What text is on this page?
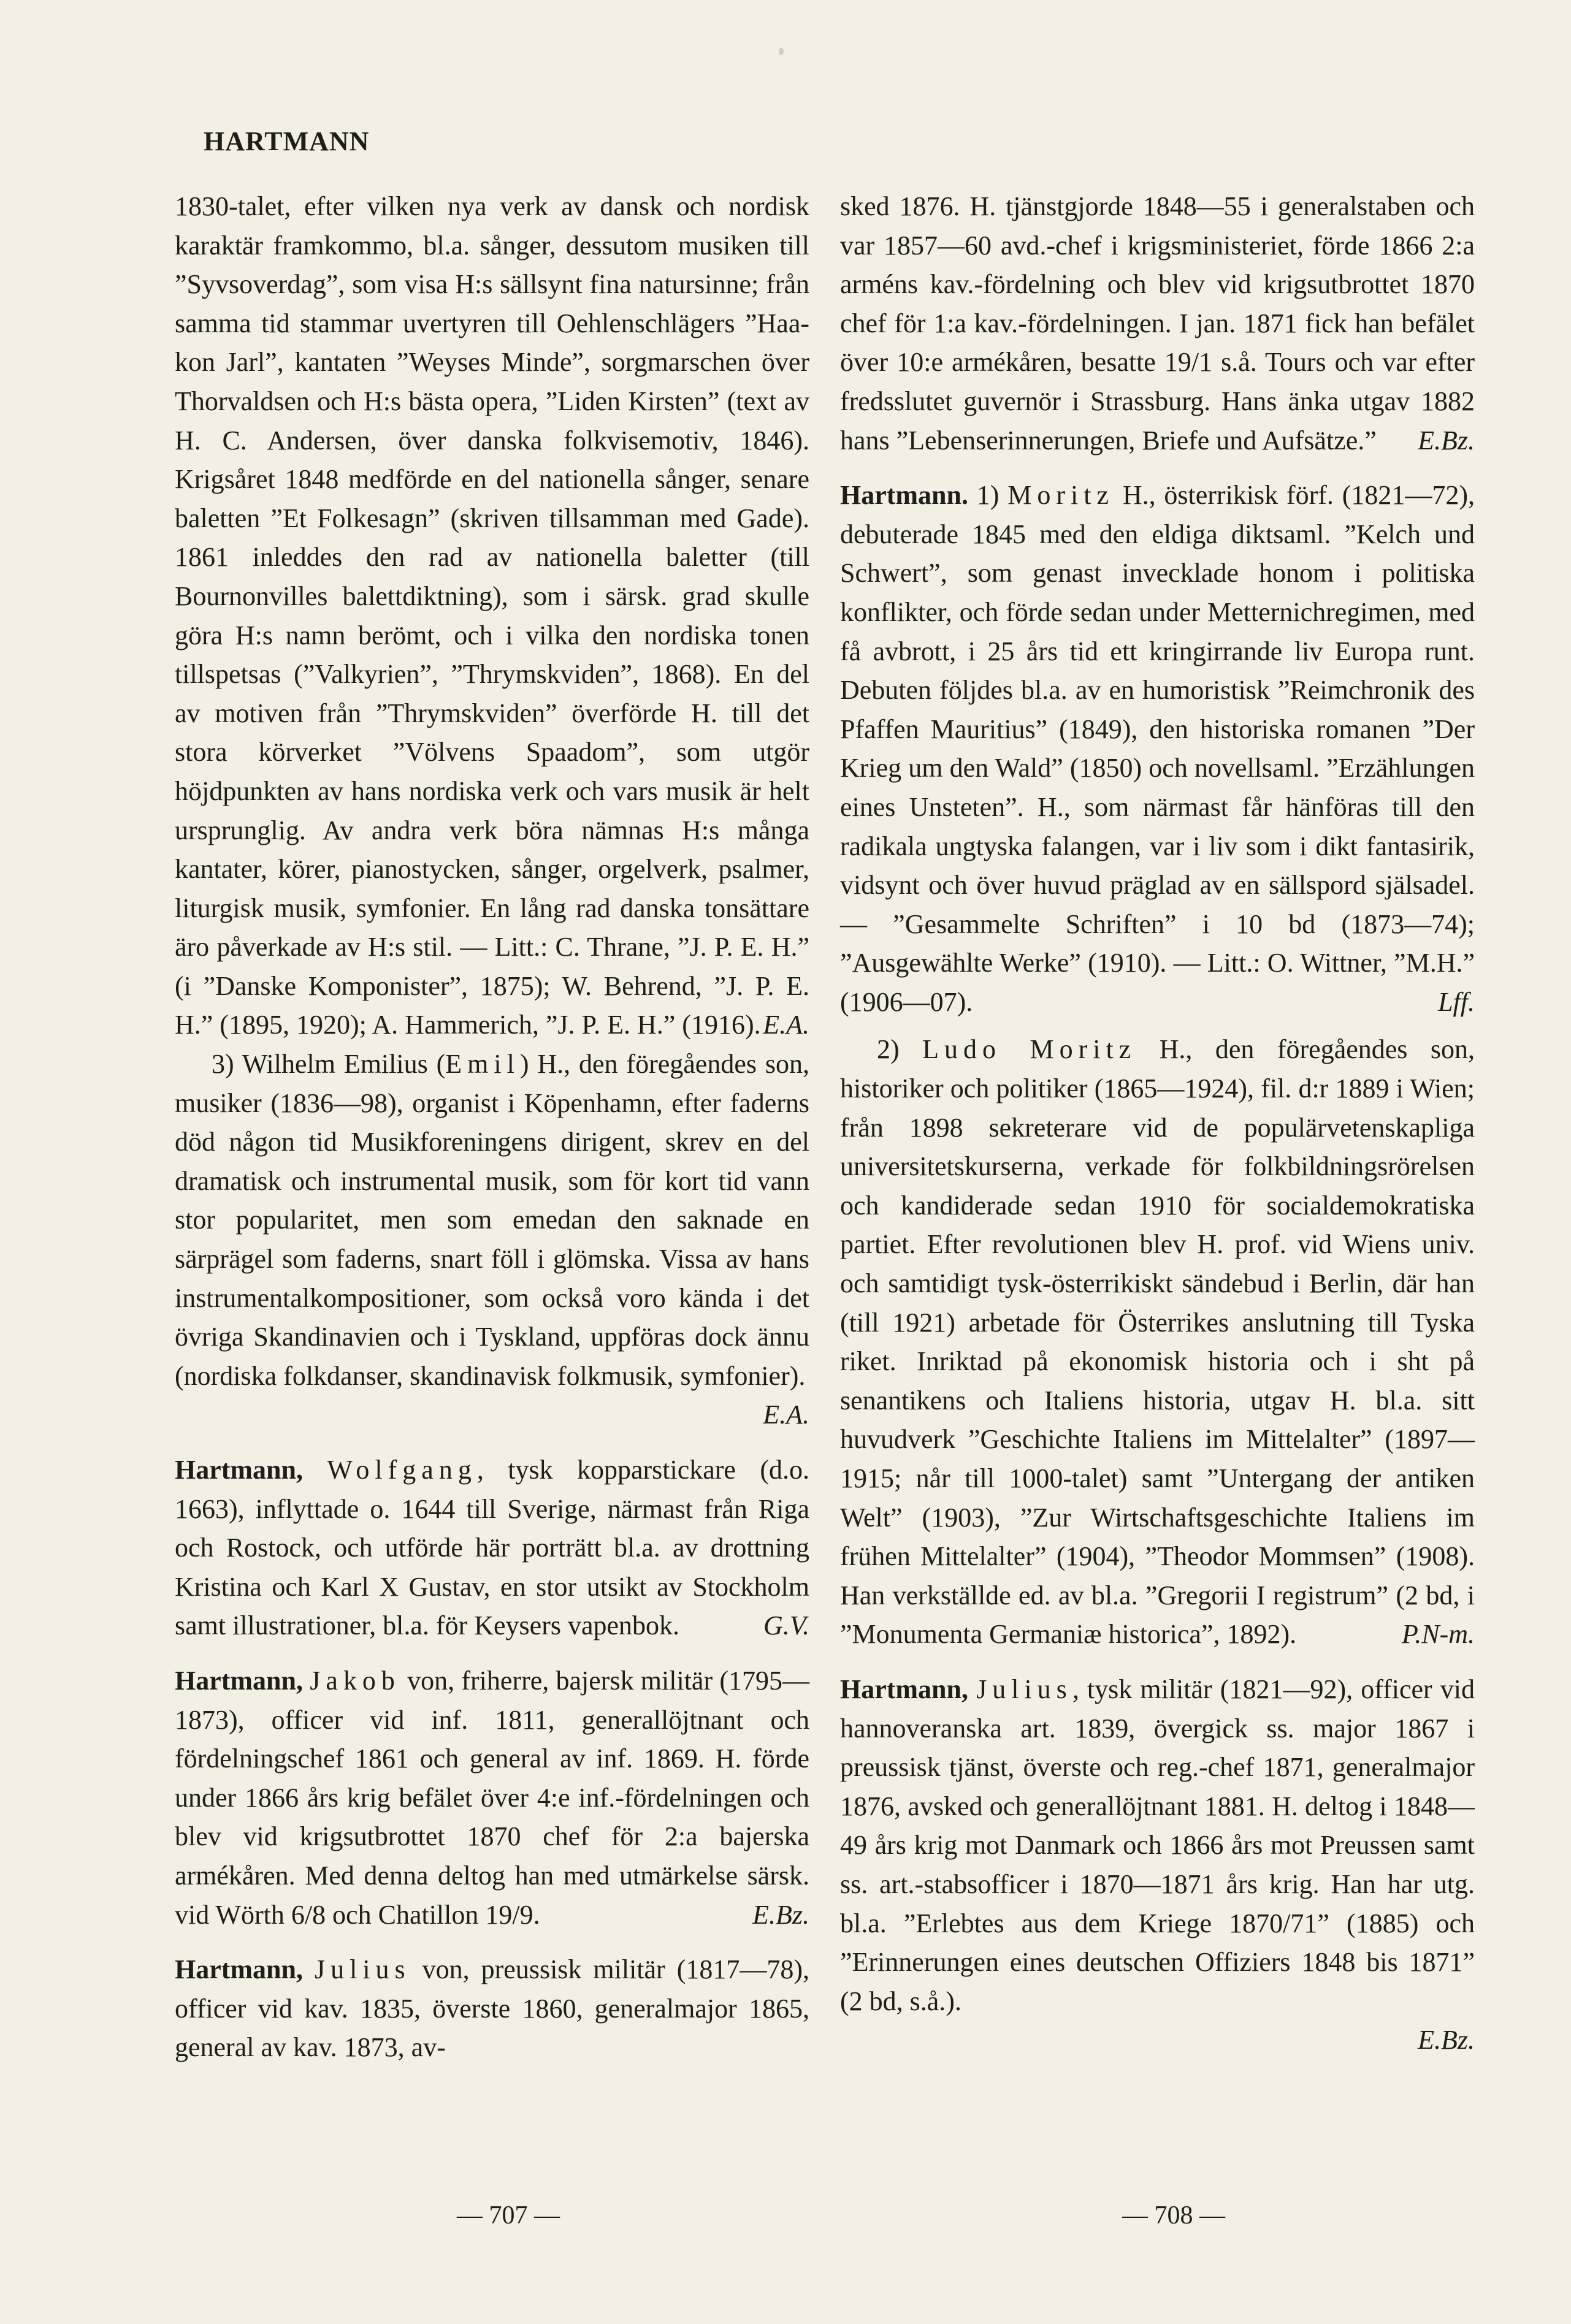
HARTMANN

1830-talet, efter vilken nya verk av dansk och nordisk karaktär framkommo, bl.a. sånger, dessutom musiken till ”Syvsoverdag”, som visa H:s sällsynt fina natursinne; från samma tid stammar uvertyren till Oehlenschlägers ”Haa-kon Jarl”, kantaten ”Weyses Minde”, sorgmarschen över Thorvaldsen och H:s bästa opera, ”Liden Kirsten” (text av H. C. Andersen, över danska folkvisemotiv, 1846). Krigsåret 1848 medförde en del nationella sånger, senare baletten ”Et Folkesagn” (skriven tillsamman med Gade). 1861 inleddes den rad av nationella baletter (till Bournonvilles balettdiktning), som i särsk. grad skulle göra H:s namn berömt, och i vilka den nordiska tonen tillspetsas (”Valkyrien”, ”Thrymskviden”, 1868). En del av motiven från ”Thrymskviden” överförde H. till det stora körverket ”Völvens Spaadom”, som utgör höjdpunkten av hans nordiska verk och vars musik är helt ursprunglig. Av andra verk böra nämnas H:s många kantater, körer, pianostycken, sånger, orgelverk, psalmer, liturgisk musik, symfonier. En lång rad danska tonsättare äro påverkade av H:s stil. — Litt.: C. Thrane, ”J. P. E. H.” (i ”Danske Komponister”, 1875); W. Behrend, ”J. P. E. H.” (1895, 1920); A. Hammerich, ”J. P. E. H.” (1916). E.A.

3) Wilhelm Emilius (Emil) H., den föregåendes son, musiker (1836—98), organist i Köpenhamn, efter faderns död någon tid Musikforeningens dirigent, skrev en del dramatisk och instrumental musik, som för kort tid vann stor popularitet, men som emedan den saknade en särprägel som faderns, snart föll i glömska. Vissa av hans instrumentalkompositioner, som också voro kända i det övriga Skandinavien och i Tyskland, uppföras dock ännu (nordiska folkdanser, skandinavisk folkmusik, symfonier).
E.A.

Hartmann, Wolfgang, tysk kopparstickare (d.o. 1663), inflyttade o. 1644 till Sverige, närmast från Riga och Rostock, och utförde här porträtt bl.a. av drottning Kristina och Karl X Gustav, en stor utsikt av Stockholm samt illustrationer, bl.a. för Keysers vapenbok.	G.V.

Hartmann, Jakob von, friherre, bajersk militär (1795—1873), officer vid inf. 1811, generallöjtnant och fördelningschef 1861 och general av inf. 1869. H. förde under 1866 års krig befälet över 4:e inf.-fördelningen och blev vid krigsutbrottet 1870 chef för 2:a bajerska armékåren. Med denna deltog han med utmärkelse särsk. vid Wörth 6/8 och Chatillon 19/9.	E.Bz.

Hartmann, Julius von, preussisk militär (1817—78), officer vid kav. 1835, överste 1860, generalmajor 1865, general av kav. 1873, av-

sked 1876. H. tjänstgjorde 1848—55 i generalstaben och var 1857—60 avd.-chef i krigsministeriet, förde 1866 2:a arméns kav.-fördelning och blev vid krigsutbrottet 1870 chef för 1:a kav.-fördelningen. I jan. 1871 fick han befälet över 10:e armékåren, besatte 19/1 s.å. Tours och var efter fredsslutet guvernör i Strassburg. Hans änka utgav 1882 hans ”Lebenserinnerungen, Briefe und Aufsätze.” E.Bz.

Hartmann. 1) Moritz H., österrikisk förf. (1821—72), debuterade 1845 med den eldiga diktsaml. ”Kelch und Schwert”, som genast invecklade honom i politiska konflikter, och förde sedan under Metternichregimen, med få avbrott, i 25 års tid ett kringirrande liv Europa runt. Debuten följdes bl.a. av en humoristisk ”Reimchronik des Pfaffen Mauritius” (1849), den historiska romanen ”Der Krieg um den Wald” (1850) och novellsaml. ”Erzählungen eines Unsteten”. H., som närmast får hänföras till den radikala ungtyska falangen, var i liv som i dikt fantasirik, vidsynt och över huvud präglad av en sällspord själsadel. — ”Gesammelte Schriften” i 10 bd (1873—74); ”Ausgewählte Werke” (1910). — Litt.: O. Wittner, ”M.H.” (1906—07).	Lff.

2) Ludo Moritz H., den föregåendes son, historiker och politiker (1865—1924), fil. d:r 1889 i Wien; från 1898 sekreterare vid de populärvetenskapliga universitetskurserna, verkade för folkbildningsrörelsen och kandiderade sedan 1910 för socialdemokratiska partiet. Efter revolutionen blev H. prof. vid Wiens univ. och samtidigt tysk-österrikiskt sändebud i Berlin, där han (till 1921) arbetade för Österrikes anslutning till Tyska riket. Inriktad på ekonomisk historia och i sht på senantikens och Italiens historia, utgav H. bl.a. sitt huvudverk ”Geschichte Italiens im Mittelalter” (1897—1915; når till 1000-talet) samt ”Untergang der antiken Welt” (1903), ”Zur Wirtschaftsgeschichte Italiens im frühen Mittelalter” (1904), ”Theodor Mommsen” (1908). Han verkställde ed. av bl.a. ”Gregorii I registrum” (2 bd, i ”Monumenta Germaniæ historica”, 1892).	P.N-m.

Hartmann, Julius, tysk militär (1821—92), officer vid hannoveranska art. 1839, övergick ss. major 1867 i preussisk tjänst, överste och reg.-chef 1871, generalmajor 1876, avsked och generallöjtnant 1881. H. deltog i 1848—49 års krig mot Danmark och 1866 års mot Preussen samt ss. art.-stabsofficer i 1870—1871 års krig. Han har utg. bl.a. ”Erlebtes aus dem Kriege 1870/71” (1885) och ”Erinnerungen eines deutschen Offiziers 1848 bis 1871” (2 bd, s.å.).
E.Bz.

— 707 —	— 708 —
